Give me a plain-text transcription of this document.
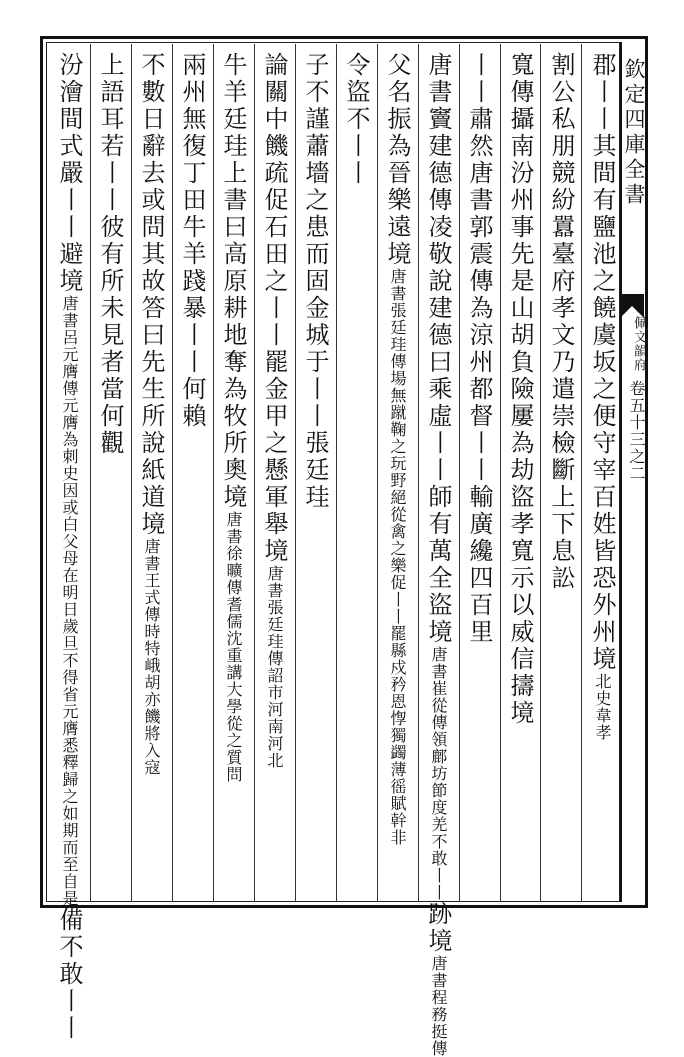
欽定四庫全書
佩文韻府
卷五十三之二
郡丨丨其間有鹽池之饒虞坂之便守宰百姓皆恐外州境北史韋孝
割公私朋競紛囂臺府孝文乃遣崇檢斷上下息訟
寬傳攝南汾州事先是山胡負險屢為劫盜孝寬示以威信擣境
丨丨肅然唐書郭震傳為涼州都督丨丨輸廣纔四百里
唐書竇建德傳凌敬說建德曰乘虛丨丨師有萬全盜境唐書崔從傳領鄜坊節度羌不敢丨丨跡境唐書程務挺傳
父名振為晉樂遠境唐書張廷珪傳場無蹴鞠之玩野絕從禽之樂促丨丨罷縣戍矜恩惸獨蠲薄徭賦幹非
令盜不丨丨
子不謹蕭墻之患而固金城于丨丨張廷珪
論關中饑疏促石田之丨丨罷金甲之懸軍舉境唐書張廷珪傳詔市河南河北
牛羊廷珪上書曰高原耕地奪為牧所奧境唐書徐曠傳耆儒沈重講大學從之質問
兩州無復丁田牛羊踐暴丨丨何賴
不數日辭去或問其故答曰先生所說紙道境唐書王式傳時特峨胡亦饑將入寇
上語耳若丨丨彼有所未見者當何觀
汾澮間式嚴丨丨避境唐書呂元膺傳元膺為刺史因或白父母在明日歲旦不得省元膺悉釋歸之如期而至自是備不敢丨丨
